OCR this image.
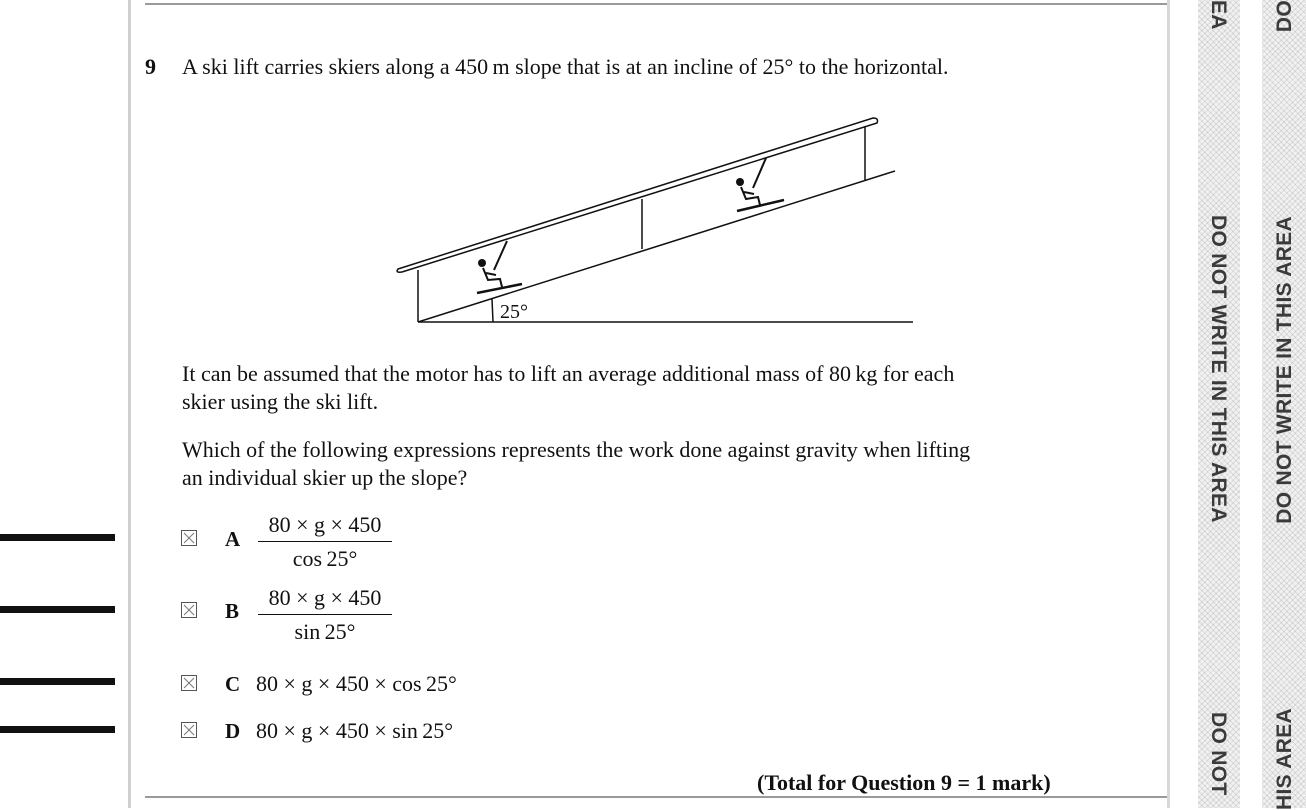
9 A ski lift carries skiers along a 450 m slope that is at an incline of 25° to the horizontal.
25°
It can be assumed that the motor has to lift an average additional mass of 80 kg for each
skier using the ski lift.
Which of the following expressions represents the work done against gravity when lifting
an individual skier up the slope?
A $\frac{80 \times g \times 450}{\cos 25^\circ}$
B $\frac{80 \times g \times 450}{\sin 25^\circ}$
C 80 × g × 450 × cos 25°
D 80 × g × 450 × sin 25°
(Total for Question 9 = 1 mark)
EA
DO NOT WRITE IN THIS AREA
DO NOT
DO
DO NOT WRITE IN THIS AREA
HIS AREA
